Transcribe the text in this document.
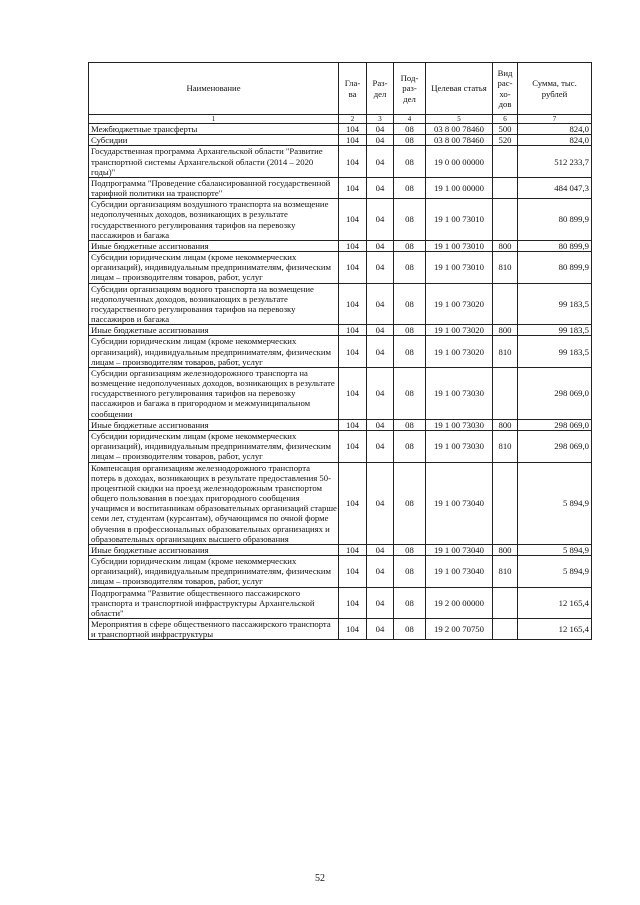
Наименование	Гла-ва	Раз-дел	Под-раз-дел	Целевая статья	Вид рас-хо-дов	Сумма, тыс. рублей
1	2	3	4	5	6	7
Межбюджетные трансферты	104	04	08	03 8 00 78460	500	824,0
Субсидии	104	04	08	03 8 00 78460	520	824,0
Государственная программа Архангельской области "Развитие транспортной системы Архангельской области (2014 – 2020 годы)"	104	04	08	19 0 00 00000		512 233,7
Подпрограмма "Проведение сбалансированной государственной тарифной политики на транспорте"	104	04	08	19 1 00 00000		484 047,3
Субсидии организациям воздушного транспорта на возмещение недополученных доходов, возникающих в результате государственного регулирования тарифов на перевозку пассажиров и багажа	104	04	08	19 1 00 73010		80 899,9
Иные бюджетные ассигнования	104	04	08	19 1 00 73010	800	80 899,9
Субсидии юридическим лицам (кроме некоммерческих организаций), индивидуальным предпринимателям, физическим лицам – производителям товаров, работ, услуг	104	04	08	19 1 00 73010	810	80 899,9
Субсидии организациям водного транспорта на возмещение недополученных доходов, возникающих в результате государственного регулирования тарифов на перевозку пассажиров и багажа	104	04	08	19 1 00 73020		99 183,5
Иные бюджетные ассигнования	104	04	08	19 1 00 73020	800	99 183,5
Субсидии юридическим лицам (кроме некоммерческих организаций), индивидуальным предпринимателям, физическим лицам – производителям товаров, работ, услуг	104	04	08	19 1 00 73020	810	99 183,5
Субсидии организациям железнодорожного транспорта на возмещение недополученных доходов, возникающих в результате государственного регулирования тарифов на перевозку пассажиров и багажа в пригородном и межмуниципальном сообщении	104	04	08	19 1 00 73030		298 069,0
Иные бюджетные ассигнования	104	04	08	19 1 00 73030	800	298 069,0
Субсидии юридическим лицам (кроме некоммерческих организаций), индивидуальным предпринимателям, физическим лицам – производителям товаров, работ, услуг	104	04	08	19 1 00 73030	810	298 069,0
Компенсация организациям железнодорожного транспорта потерь в доходах, возникающих в результате предоставления 50-процентной скидки на проезд железнодорожным транспортом общего пользования в поездах пригородного сообщения учащимся и воспитанникам образовательных организаций старше семи лет, студентам (курсантам), обучающимся по очной форме обучения в профессиональных образовательных организациях и образовательных организациях высшего образования	104	04	08	19 1 00 73040		5 894,9
Иные бюджетные ассигнования	104	04	08	19 1 00 73040	800	5 894,9
Субсидии юридическим лицам (кроме некоммерческих организаций), индивидуальным предпринимателям, физическим лицам – производителям товаров, работ, услуг	104	04	08	19 1 00 73040	810	5 894,9
Подпрограмма "Развитие общественного пассажирского транспорта и транспортной инфраструктуры Архангельской области"	104	04	08	19 2 00 00000		12 165,4
Мероприятия в сфере общественного пассажирского транспорта и транспортной инфраструктуры	104	04	08	19 2 00 70750		12 165,4
52
